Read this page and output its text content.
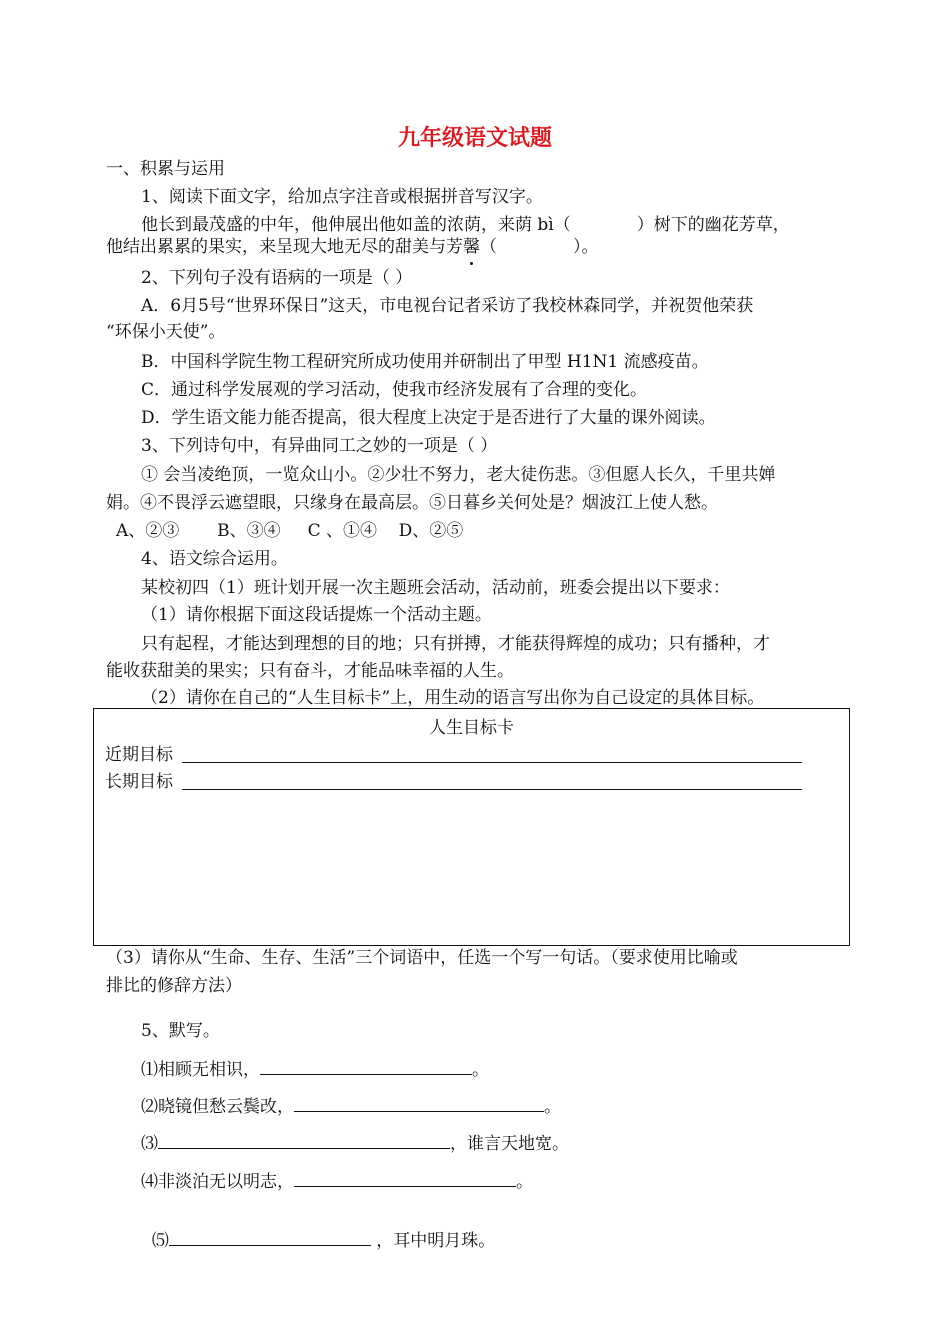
九年级语文试题
一、积累与运用
1、阅读下面文字，给加点字注音或根据拼音写汉字。
他长到最茂盛的中年，他伸展出他如盖的浓荫，来荫 bì（	）树下的幽花芳草，
他结出累累的果实，来呈现大地无尽的甜美与芳馨（	）。
2、下列句子没有语病的一项是（ ）
A．6月5号“世界环保日”这天，市电视台记者采访了我校林森同学，并祝贺他荣获
“环保小天使”。
B．中国科学院生物工程研究所成功使用并研制出了甲型 H1N1 流感疫苗。
C．通过科学发展观的学习活动，使我市经济发展有了合理的变化。
D．学生语文能力能否提高，很大程度上决定于是否进行了大量的课外阅读。
3、下列诗句中，有异曲同工之妙的一项是（ ）
① 会当凌绝顶，一览众山小。②少壮不努力，老大徒伤悲。③但愿人长久，千里共婵
娟。④不畏浮云遮望眼，只缘身在最高层。⑤日暮乡关何处是？烟波江上使人愁。
A、②③       B、③④     C 、①④    D、②⑤
4、语文综合运用。
某校初四（1）班计划开展一次主题班会活动，活动前，班委会提出以下要求：
（1）请你根据下面这段话提炼一个活动主题。
只有起程，才能达到理想的目的地；只有拼搏，才能获得辉煌的成功；只有播种，才
能收获甜美的果实；只有奋斗，才能品味幸福的人生。
（2）请你在自己的“人生目标卡”上，用生动的语言写出你为自己设定的具体目标。
人生目标卡
近期目标
长期目标
（3）请你从“生命、生存、生活”三个词语中，任选一个写一句话。（要求使用比喻或
排比的修辞方法）
5、默写。
⑴相顾无相识，	。
⑵晓镜但愁云鬓改，	。
⑶	，谁言天地宽。
⑷非淡泊无以明志，	。

⑸	，耳中明月珠。
